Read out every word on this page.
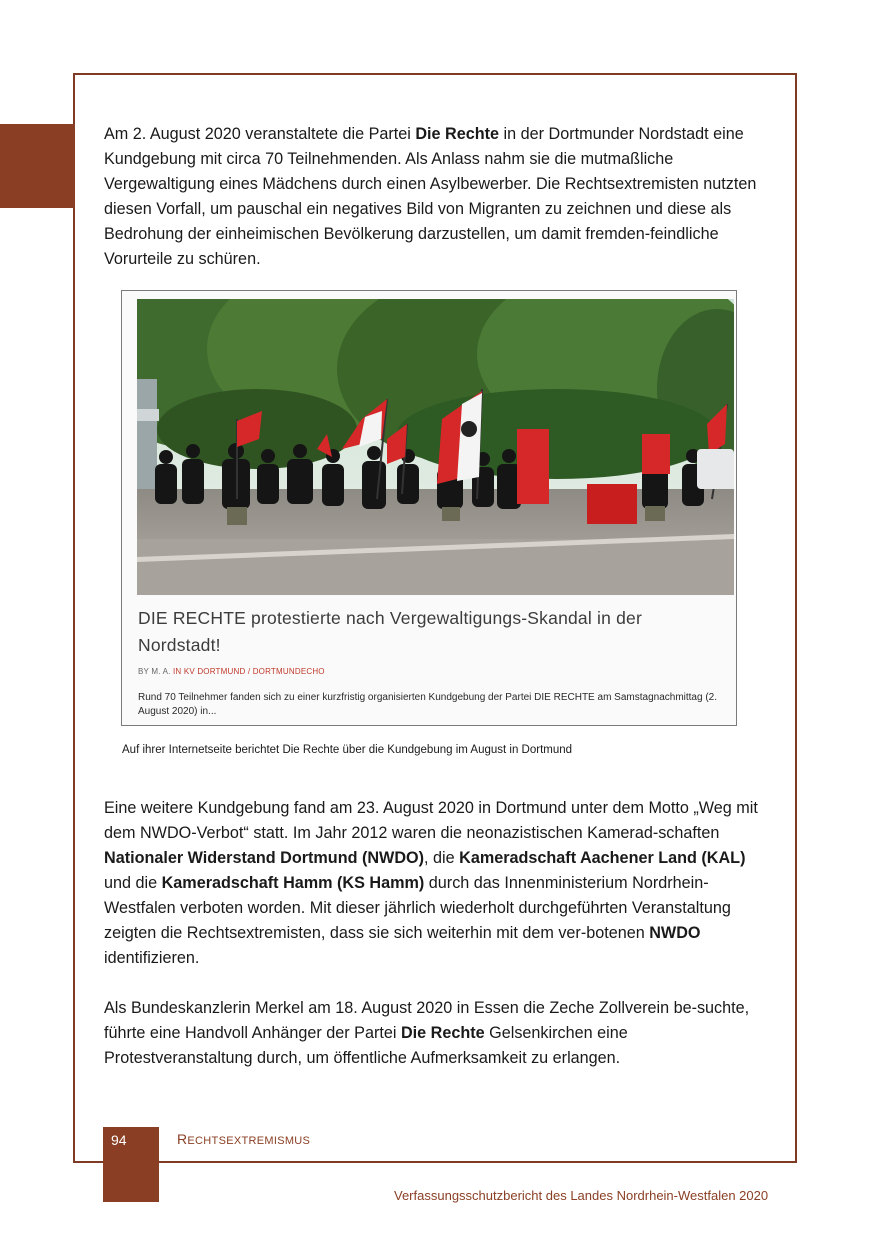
Am 2. August 2020 veranstaltete die Partei Die Rechte in der Dortmunder Nordstadt eine Kundgebung mit circa 70 Teilnehmenden. Als Anlass nahm sie die mutmaßliche Vergewaltigung eines Mädchens durch einen Asylbewerber. Die Rechtsextremisten nutzten diesen Vorfall, um pauschal ein negatives Bild von Migranten zu zeichnen und diese als Bedrohung der einheimischen Bevölkerung darzustellen, um damit fremden-feindliche Vorurteile zu schüren.

DIE RECHTE protestierte nach Vergewaltigungs-Skandal in der Nordstadt!

BY M. A. IN KV DORTMUND / DORTMUNDECHO

Rund 70 Teilnehmer fanden sich zu einer kurzfristig organisierten Kundgebung der Partei DIE RECHTE am Samstagnachmittag (2. August 2020) in...

Auf ihrer Internetseite berichtet Die Rechte über die Kundgebung im August in Dortmund

Eine weitere Kundgebung fand am 23. August 2020 in Dortmund unter dem Motto „Weg mit dem NWDO-Verbot“ statt. Im Jahr 2012 waren die neonazistischen Kamerad-schaften Nationaler Widerstand Dortmund (NWDO), die Kameradschaft Aachener Land (KAL) und die Kameradschaft Hamm (KS Hamm) durch das Innenministerium Nordrhein-Westfalen verboten worden. Mit dieser jährlich wiederholt durchgeführten Veranstaltung zeigten die Rechtsextremisten, dass sie sich weiterhin mit dem ver-botenen NWDO identifizieren.

Als Bundeskanzlerin Merkel am 18. August 2020 in Essen die Zeche Zollverein be-suchte, führte eine Handvoll Anhänger der Partei Die Rechte Gelsenkirchen eine Protestveranstaltung durch, um öffentliche Aufmerksamkeit zu erlangen.

94	RECHTSEXTREMISMUS
Verfassungsschutzbericht des Landes Nordrhein-Westfalen 2020
